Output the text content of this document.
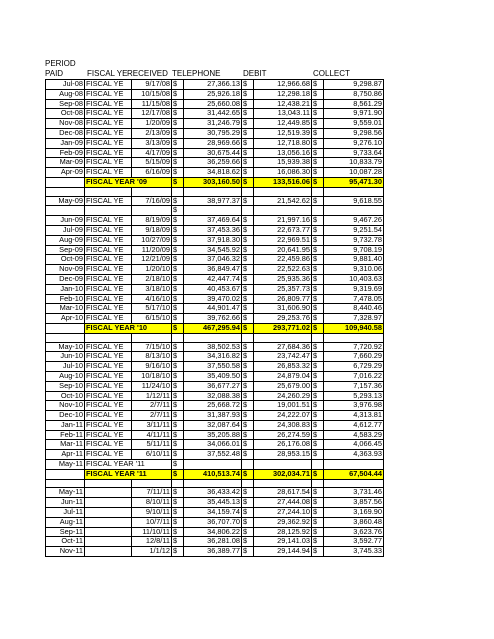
PERIOD
PAID	FISCAL YE RECEIVED TELEPHONE	DEBIT	COLLECT
Jul-08	FISCAL YE	9/17/08	$	27,366.13	$	12,966.68	$	9,298.87
Aug-08	FISCAL YE	10/15/08	$	25,926.18	$	12,298.18	$	8,750.86
Sep-08	FISCAL YE	11/15/08	$	25,660.08	$	12,438.21	$	8,561.29
Oct-08	FISCAL YE	12/17/08	$	31,442.65	$	13,043.11	$	9,971.90
Nov-08	FISCAL YE	1/20/09	$	31,246.79	$	12,449.85	$	9,559.01
Dec-08	FISCAL YE	2/13/09	$	30,795.29	$	12,519.39	$	9,298.56
Jan-09	FISCAL YE	3/13/09	$	28,969.66	$	12,718.80	$	9,276.10
Feb-09	FISCAL YE	4/17/09	$	30,675.44	$	13,056.16	$	9,733.64
Mar-09	FISCAL YE	5/15/09	$	36,259.66	$	15,939.38	$	10,833.79
Apr-09	FISCAL YE	6/16/09	$	34,818.62	$	16,086.30	$	10,087.28
	FISCAL YEAR '09		$	303,160.50	$	133,516.06	$	95,471.30

May-09	FISCAL YE	7/16/09	$	38,977.37	$	21,542.62	$	9,618.55
			$					
Jun-09	FISCAL YE	8/19/09	$	37,469.64	$	21,997.16	$	9,467.26
Jul-09	FISCAL YE	9/18/09	$	37,453.36	$	22,673.77	$	9,251.54
Aug-09	FISCAL YE	10/27/09	$	37,918.30	$	22,969.51	$	9,732.78
Sep-09	FISCAL YE	11/20/09	$	34,545.92	$	20,641.95	$	9,708.19
Oct-09	FISCAL YE	12/21/09	$	37,046.32	$	22,459.86	$	9,881.40
Nov-09	FISCAL YE	1/20/10	$	36,849.47	$	22,522.63	$	9,310.06
Dec-09	FISCAL YE	2/18/10	$	42,447.74	$	25,935.36	$	10,403.63
Jan-10	FISCAL YE	3/18/10	$	40,453.67	$	25,357.73	$	9,319.69
Feb-10	FISCAL YE	4/16/10	$	39,470.02	$	26,809.77	$	7,478.05
Mar-10	FISCAL YE	5/17/10	$	44,901.47	$	31,606.90	$	8,440.46
Apr-10	FISCAL YE	6/15/10	$	39,762.66	$	29,253.76	$	7,328.97
	FISCAL YEAR '10		$	467,295.94	$	293,771.02	$	109,940.58

May-10	FISCAL YE	7/15/10	$	38,502.53	$	27,684.36	$	7,720.92
Jun-10	FISCAL YE	8/13/10	$	34,316.82	$	23,742.47	$	7,660.29
Jul-10	FISCAL YE	9/16/10	$	37,550.58	$	26,853.32	$	6,729.29
Aug-10	FISCAL YE	10/18/10	$	35,409.50	$	24,879.04	$	7,016.22
Sep-10	FISCAL YE	11/24/10	$	36,677.27	$	25,679.00	$	7,157.36
Oct-10	FISCAL YE	1/12/11	$	32,088.38	$	24,260.29	$	5,293.13
Nov-10	FISCAL YE	2/7/11	$	25,668.72	$	19,001.51	$	3,976.98
Dec-10	FISCAL YE	2/7/11	$	31,387.93	$	24,222.07	$	4,313.81
Jan-11	FISCAL YE	3/11/11	$	32,087.64	$	24,308.83	$	4,612.77
Feb-11	FISCAL YE	4/11/11	$	35,205.88	$	26,274.59	$	4,583.29
Mar-11	FISCAL YE	5/11/11	$	34,066.01	$	26,176.08	$	4,066.45
Apr-11	FISCAL YE	6/10/11	$	37,552.48	$	28,953.15	$	4,363.93
May-11	FISCAL YEAR '11		$					
	FISCAL YEAR '11		$	410,513.74	$	302,034.71	$	67,504.44

May-11		7/11/11	$	36,433.42	$	28,617.54	$	3,731.46
Jun-11		8/10/11	$	35,445.13	$	27,444.08	$	3,857.56
Jul-11		9/10/11	$	34,159.74	$	27,244.10	$	3,169.90
Aug-11		10/7/11	$	36,707.70	$	29,362.92	$	3,860.48
Sep-11		11/10/11	$	34,806.22	$	28,125.92	$	3,623.76
Oct-11		12/8/11	$	36,281.08	$	29,141.03	$	3,592.77
Nov-11		1/1/12	$	36,389.77	$	29,144.94	$	3,745.33
